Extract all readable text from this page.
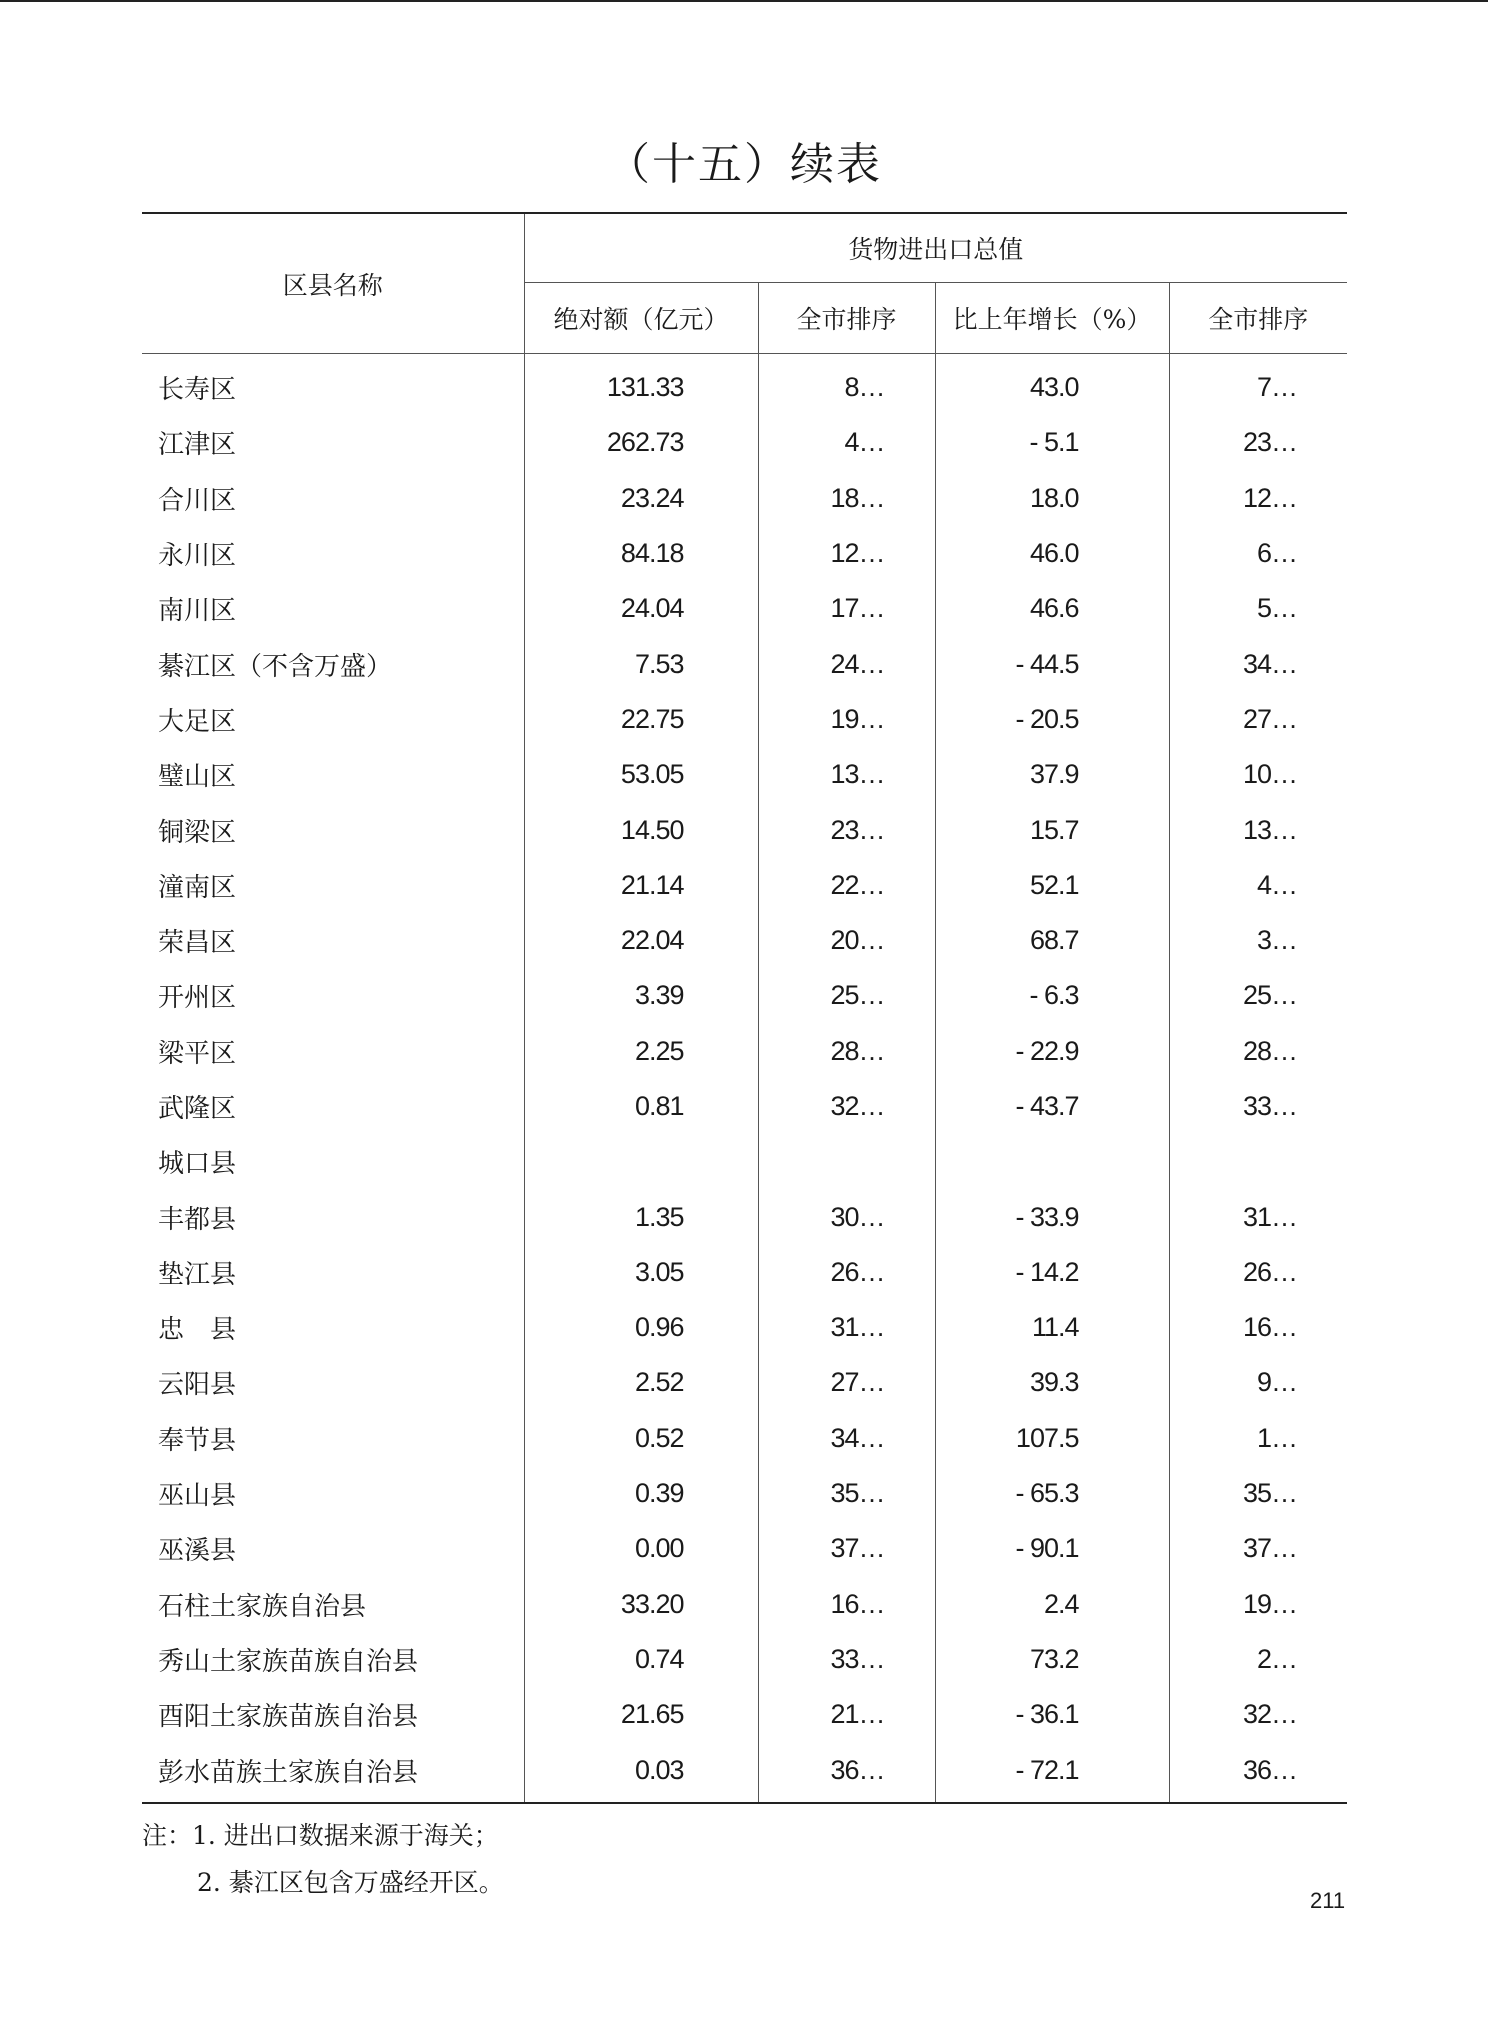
（十五）续表
区县名称	货物进出口总值			
	绝对额（亿元）	全市排序	比上年增长（%）	全市排序
长寿区	131.33	8…	43.0	7…
江津区	262.73	4…	- 5.1	23…
合川区	23.24	18…	18.0	12…
永川区	84.18	12…	46.0	6…
南川区	24.04	17…	46.6	5…
綦江区（不含万盛）	7.53	24…	- 44.5	34…
大足区	22.75	19…	- 20.5	27…
璧山区	53.05	13…	37.9	10…
铜梁区	14.50	23…	15.7	13…
潼南区	21.14	22…	52.1	4…
荣昌区	22.04	20…	68.7	3…
开州区	3.39	25…	- 6.3	25…
梁平区	2.25	28…	- 22.9	28…
武隆区	0.81	32…	- 43.7	33…
城口县				
丰都县	1.35	30…	- 33.9	31…
垫江县	3.05	26…	- 14.2	26…
忠　县	0.96	31…	11.4	16…
云阳县	2.52	27…	39.3	9…
奉节县	0.52	34…	107.5	1…
巫山县	0.39	35…	- 65.3	35…
巫溪县	0.00	37…	- 90.1	37…
石柱土家族自治县	33.20	16…	2.4	19…
秀山土家族苗族自治县	0.74	33…	73.2	2…
酉阳土家族苗族自治县	21.65	21…	- 36.1	32…
彭水苗族土家族自治县	0.03	36…	- 72.1	36…
注：1. 进出口数据来源于海关；
2. 綦江区包含万盛经开区。
211
